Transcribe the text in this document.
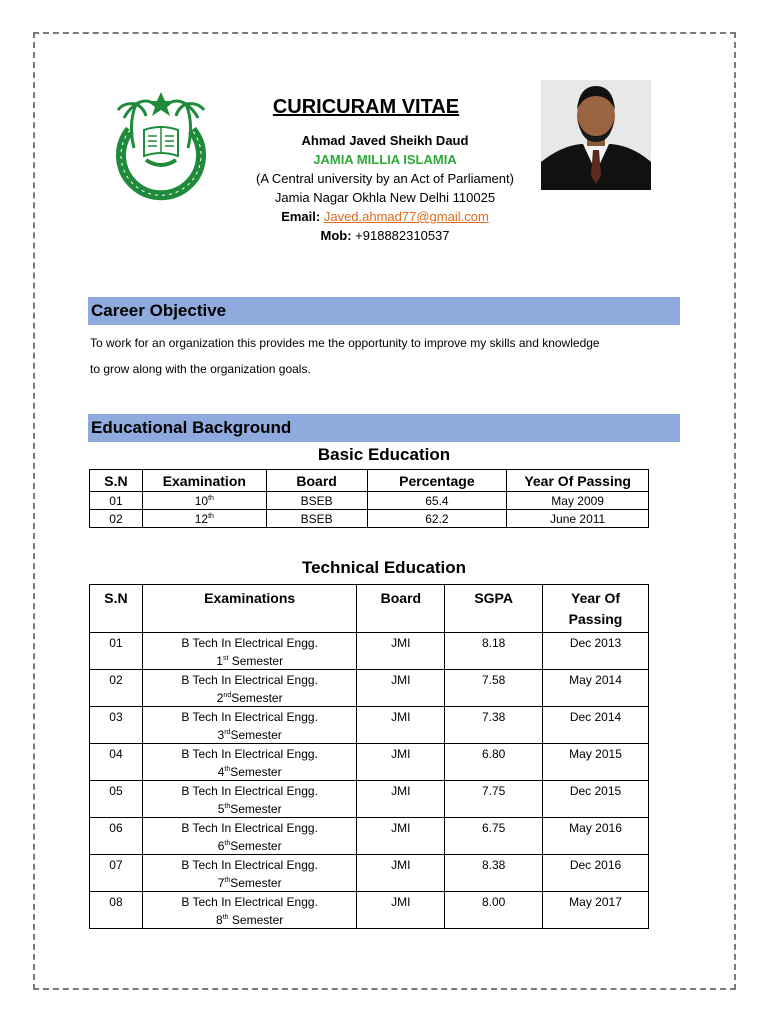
CURICURAM VITAE
Ahmad Javed Sheikh Daud
JAMIA MILLIA ISLAMIA
(A Central university by an Act of Parliament)
Jamia Nagar Okhla New Delhi 110025
Email: Javed.ahmad77@gmail.com
Mob: +918882310537
Career Objective
To work for an organization this provides me the opportunity to improve my skills and knowledge
to grow along with the organization goals.
Educational Background
Basic Education
S.N	Examination	Board	Percentage	Year Of Passing
01	10th	BSEB	65.4	May 2009
02	12th	BSEB	62.2	June 2011
Technical Education
S.N	Examinations	Board	SGPA	Year Of Passing
01	B Tech In Electrical Engg.
1st Semester	JMI	8.18	Dec 2013
02	B Tech In Electrical Engg.
2ndSemester	JMI	7.58	May 2014
03	B Tech In Electrical Engg.
3rdSemester	JMI	7.38	Dec 2014
04	B Tech In Electrical Engg.
4thSemester	JMI	6.80	May 2015
05	B Tech In Electrical Engg.
5thSemester	JMI	7.75	Dec 2015
06	B Tech In Electrical Engg.
6thSemester	JMI	6.75	May 2016
07	B Tech In Electrical Engg.
7thSemester	JMI	8.38	Dec 2016
08	B Tech In Electrical Engg.
8th Semester	JMI	8.00	May 2017
